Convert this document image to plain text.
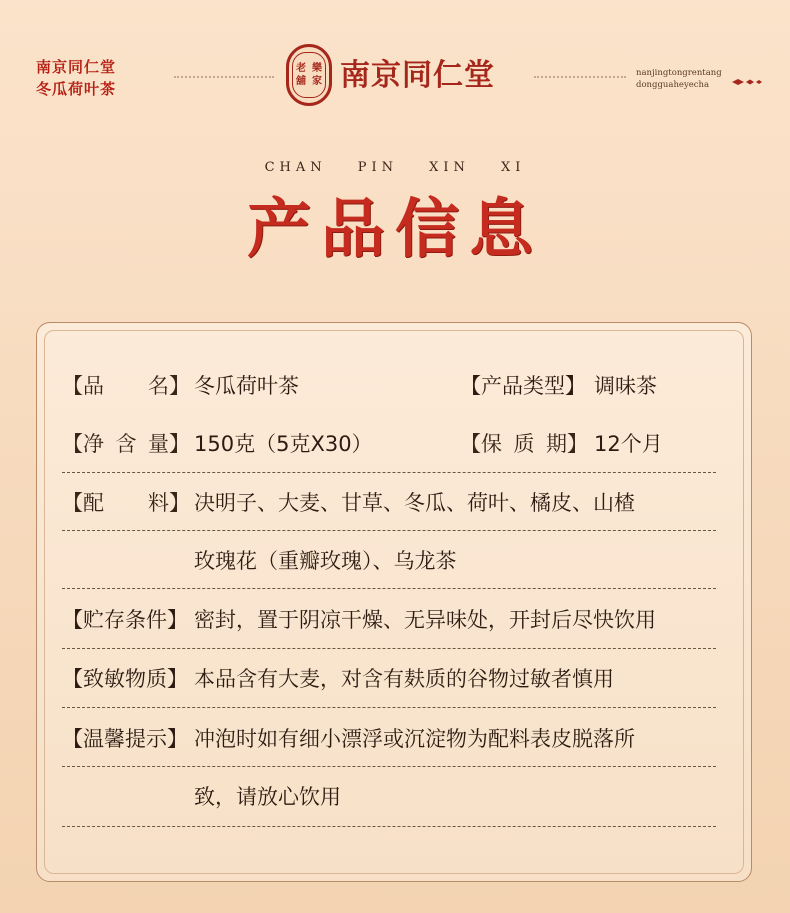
南京同仁堂
冬瓜荷叶茶
老 樂
舖 家 南京同仁堂	nanjingtongrentang
dongguaheyecha
CHAN PIN XIN XI
产品信息
【品 名】 冬瓜荷叶茶	【产品类型】 调味茶
【净 含 量】 150克（5克X30）	【保 质 期】 12个月
【配 料】 决明子、大麦、甘草、冬瓜、荷叶、橘皮、山楂
玫瑰花（重瓣玫瑰）、乌龙茶
【贮存条件】 密封，置于阴凉干燥、无异味处，开封后尽快饮用
【致敏物质】 本品含有大麦，对含有麸质的谷物过敏者慎用
【温馨提示】 冲泡时如有细小漂浮或沉淀物为配料表皮脱落所
致，请放心饮用
